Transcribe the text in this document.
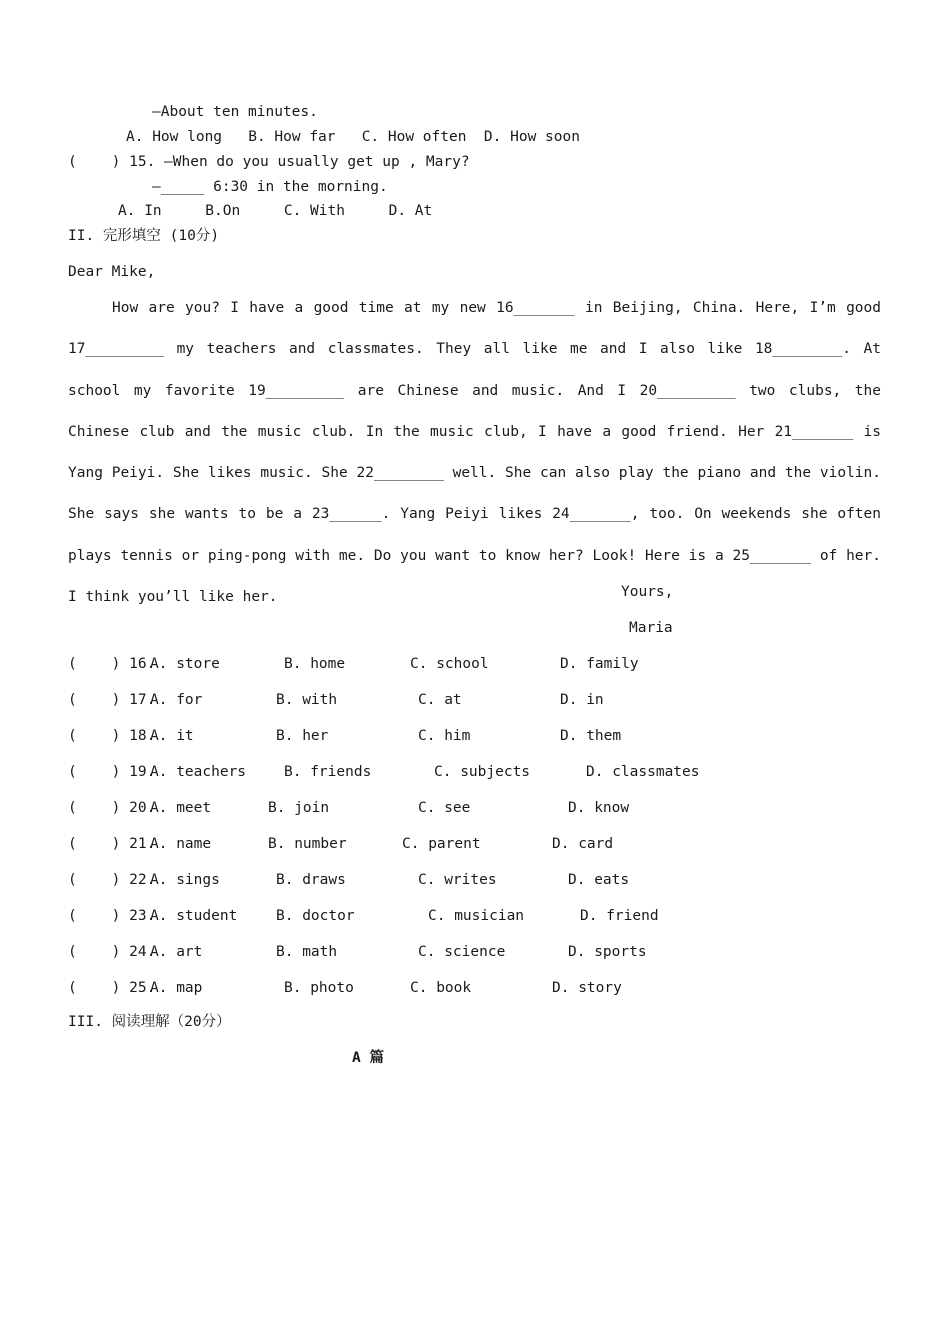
—About ten minutes.
A. How long   B. How far   C. How often  D. How soon
(    ) 15. —When do you usually get up , Mary?
—_____ 6:30 in the morning.
A. In     B.On     C. With     D. At
II. 完形填空 (10分)
Dear Mike,
How are you? I have a good time at my new 16_______ in Beijing, China. Here, I’m good 17_________ my teachers and classmates. They all like me and I also like 18________. At school my favorite 19_________ are Chinese and music. And I 20_________ two clubs, the Chinese club and the music club. In the music club, I have a good friend. Her 21_______ is Yang Peiyi. She likes music. She 22________ well. She can also play the piano and the violin. She says she wants to be a 23______. Yang Peiyi likes 24_______, too. On weekends she often plays tennis or ping-pong with me. Do you want to know her? Look! Here is a 25_______ of her. I think you’ll like her.	Yours,
Maria
(    ) 16.
A. store	B. home	C. school	D. family
(    ) 17.
A. for	B. with	C. at	D. in
(    ) 18.
A. it	B. her	C. him	D. them
(    ) 19.
A. teachers	B. friends	C. subjects	D. classmates
(    ) 20.
A. meet	B. join	C. see	D. know
(    ) 21.
A. name	B. number	C. parent	D. card
(    ) 22.
A. sings	B. draws	C. writes	D. eats
(    ) 23.
A. student	B. doctor	C. musician	D. friend
(    ) 24.
A. art	B. math	C. science	D. sports
(    ) 25.
A. map	B. photo	C. book	D. story
III. 阅读理解（20分）
A 篇
